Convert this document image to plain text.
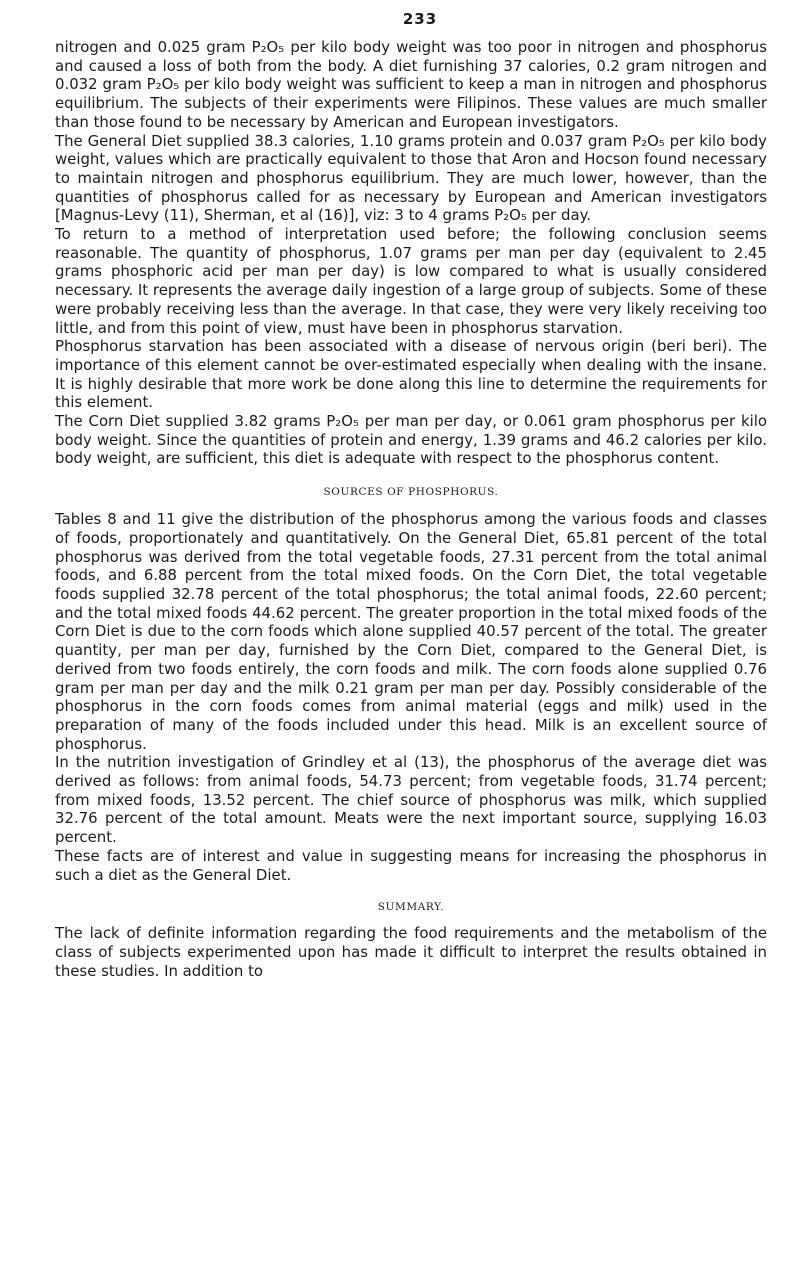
233

nitrogen and 0.025 gram P₂O₅ per kilo body weight was too poor in nitrogen and phosphorus and caused a loss of both from the body. A diet furnishing 37 calories, 0.2 gram nitrogen and 0.032 gram P₂O₅ per kilo body weight was sufficient to keep a man in nitrogen and phosphorus equilibrium. The subjects of their experiments were Filipinos. These values are much smaller than those found to be necessary by American and European investigators.

The General Diet supplied 38.3 calories, 1.10 grams protein and 0.037 gram P₂O₅ per kilo body weight, values which are practically equivalent to those that Aron and Hocson found necessary to maintain nitrogen and phosphorus equilibrium. They are much lower, however, than the quantities of phosphorus called for as necessary by European and American investigators [Magnus-Levy (11), Sherman, et al (16)], viz: 3 to 4 grams P₂O₅ per day.

To return to a method of interpretation used before; the following conclusion seems reasonable. The quantity of phosphorus, 1.07 grams per man per day (equivalent to 2.45 grams phosphoric acid per man per day) is low compared to what is usually considered necessary. It represents the average daily ingestion of a large group of subjects. Some of these were probably receiving less than the average. In that case, they were very likely receiving too little, and from this point of view, must have been in phosphorus starvation.

Phosphorus starvation has been associated with a disease of nervous origin (beri beri). The importance of this element cannot be over-estimated especially when dealing with the insane. It is highly desirable that more work be done along this line to determine the requirements for this element.

The Corn Diet supplied 3.82 grams P₂O₅ per man per day, or 0.061 gram phosphorus per kilo body weight. Since the quantities of protein and energy, 1.39 grams and 46.2 calories per kilo. body weight, are sufficient, this diet is adequate with respect to the phosphorus content.

SOURCES OF PHOSPHORUS.

Tables 8 and 11 give the distribution of the phosphorus among the various foods and classes of foods, proportionately and quantitatively. On the General Diet, 65.81 percent of the total phosphorus was derived from the total vegetable foods, 27.31 percent from the total animal foods, and 6.88 percent from the total mixed foods. On the Corn Diet, the total vegetable foods supplied 32.78 percent of the total phosphorus; the total animal foods, 22.60 percent; and the total mixed foods 44.62 percent. The greater proportion in the total mixed foods of the Corn Diet is due to the corn foods which alone supplied 40.57 percent of the total. The greater quantity, per man per day, furnished by the Corn Diet, compared to the General Diet, is derived from two foods entirely, the corn foods and milk. The corn foods alone supplied 0.76 gram per man per day and the milk 0.21 gram per man per day. Possibly considerable of the phosphorus in the corn foods comes from animal material (eggs and milk) used in the preparation of many of the foods included under this head. Milk is an excellent source of phosphorus.

In the nutrition investigation of Grindley et al (13), the phosphorus of the average diet was derived as follows: from animal foods, 54.73 percent; from vegetable foods, 31.74 percent; from mixed foods, 13.52 percent. The chief source of phosphorus was milk, which supplied 32.76 percent of the total amount. Meats were the next important source, supplying 16.03 percent.

These facts are of interest and value in suggesting means for increasing the phosphorus in such a diet as the General Diet.

SUMMARY.

The lack of definite information regarding the food requirements and the metabolism of the class of subjects experimented upon has made it difficult to interpret the results obtained in these studies. In addition to
